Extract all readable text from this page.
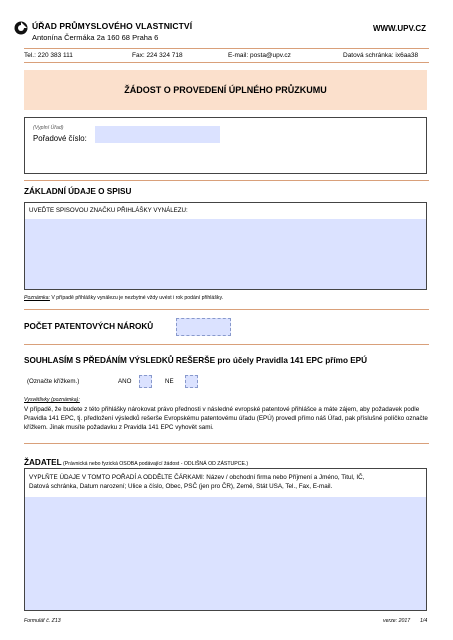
ÚŘAD PRŮMYSLOVÉHO VLASTNICTVÍ
Antonína Čermáka 2a 160 68 Praha 6
WWW.UPV.CZ
Tel.: 220 383 111	Fax: 224 324 718	E-mail: posta@upv.cz	Datová schránka: ix6aa38
ŽÁDOST O PROVEDENÍ ÚPLNÉHO PRŮZKUMU
(Vyplní Úřad)
Pořadové číslo:
ZÁKLADNÍ ÚDAJE O SPISU
UVEĎTE SPISOVOU ZNAČKU PŘIHLÁŠKY VYNÁLEZU:
Poznámka: V případě přihlášky vynálezu je nezbytné vždy uvést i rok podání přihlášky.
POČET PATENTOVÝCH NÁROKŮ
SOUHLASÍM S PŘEDÁNÍM VÝSLEDKŮ REŠERŠE pro účely Pravidla 141 EPC přímo EPÚ
(Označte křížkem.)	ANO	NE
Vysvětlivky (poznámka):
V případě, že budete z této přihlášky nárokovat právo přednosti v následné evropské patentové přihlášce a máte zájem, aby požadavek podle Pravidla 141 EPC, tj. předložení výsledků rešerše Evropskému patentovému úřadu (EPÚ) provedl přímo náš Úřad, pak příslušné políčko označte křížkem. Jinak musíte požadavku z Pravidla 141 EPC vyhovět sami.
ŽADATEL (Právnická nebo fyzická OSOBA podávající žádost - ODLIŠNÁ OD ZÁSTUPCE.)
VYPLŇTE ÚDAJE V TOMTO POŘADÍ A ODDĚLTE ČÁRKAMI: Název / obchodní firma nebo Příjmení a Jméno, Titul, IČ,
Datová schránka, Datum narození; Ulice a číslo, Obec, PSČ (jen pro ČR), Země, Stát USA, Tel., Fax, E-mail.
Formulář č. Z13	verze: 2017 1/4
